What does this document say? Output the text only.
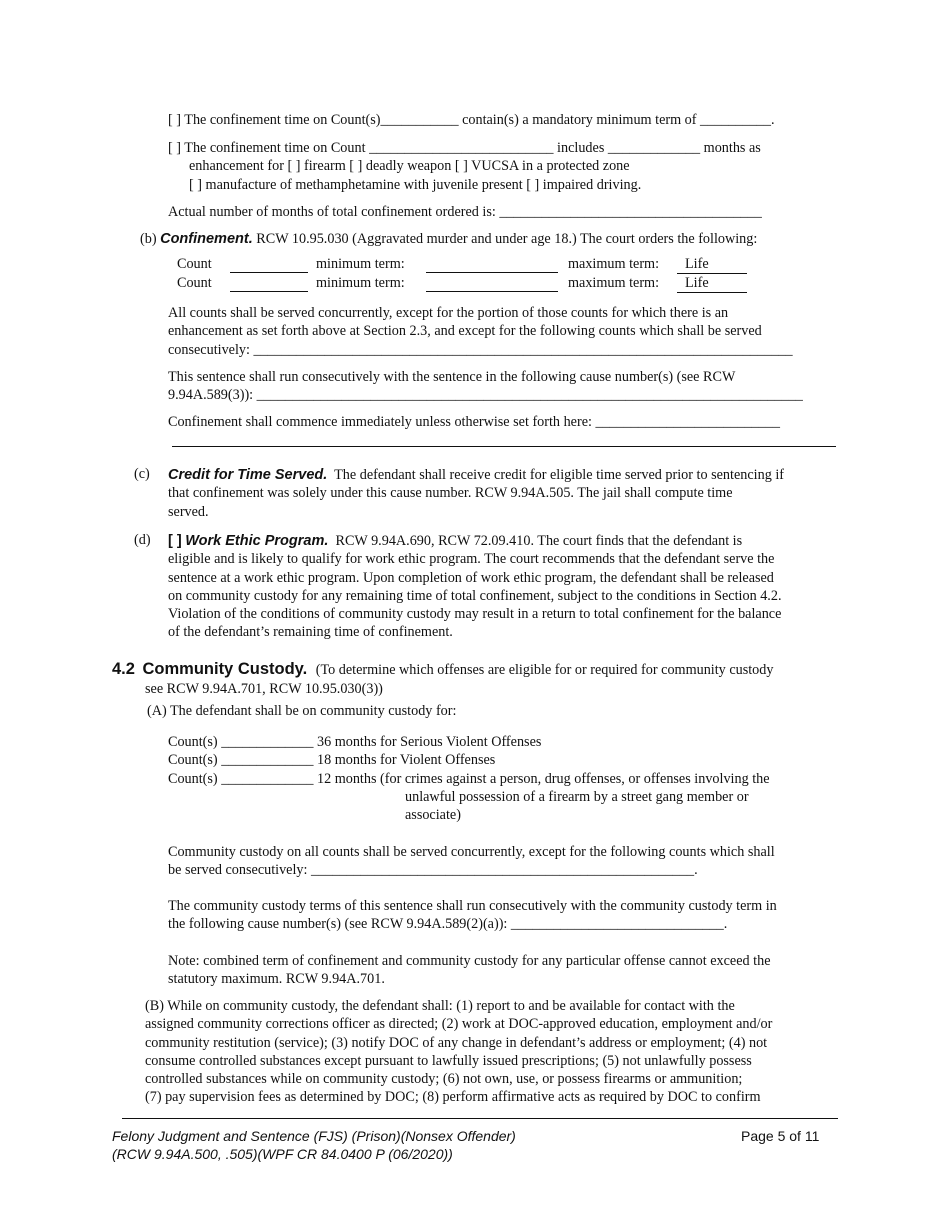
[ ] The confinement time on Count(s)___________ contain(s) a mandatory minimum term of __________.
[ ] The confinement time on Count __________________________ includes _____________ months as
enhancement for [ ] firearm [ ] deadly weapon [ ] VUCSA in a protected zone
[ ] manufacture of methamphetamine with juvenile present [ ] impaired driving.
Actual number of months of total confinement ordered is: _____________________________________
(b) Confinement. RCW 10.95.030 (Aggravated murder and under age 18.) The court orders the following:
Count	minimum term:	maximum term:	Life
Count	minimum term:	maximum term:	Life
All counts shall be served concurrently, except for the portion of those counts for which there is an
enhancement as set forth above at Section 2.3, and except for the following counts which shall be served
consecutively: ____________________________________________________________________________
This sentence shall run consecutively with the sentence in the following cause number(s) (see RCW
9.94A.589(3)): _____________________________________________________________________________
Confinement shall commence immediately unless otherwise set forth here: __________________________
(c) Credit for Time Served. The defendant shall receive credit for eligible time served prior to sentencing if
that confinement was solely under this cause number. RCW 9.94A.505. The jail shall compute time
served.
(d) [ ] Work Ethic Program. RCW 9.94A.690, RCW 72.09.410. The court finds that the defendant is
eligible and is likely to qualify for work ethic program. The court recommends that the defendant serve the
sentence at a work ethic program. Upon completion of work ethic program, the defendant shall be released
on community custody for any remaining time of total confinement, subject to the conditions in Section 4.2.
Violation of the conditions of community custody may result in a return to total confinement for the balance
of the defendant’s remaining time of confinement.
4.2 Community Custody. (To determine which offenses are eligible for or required for community custody
see RCW 9.94A.701, RCW 10.95.030(3))
(A) The defendant shall be on community custody for:
Count(s) _____________ 36 months for Serious Violent Offenses
Count(s) _____________ 18 months for Violent Offenses
Count(s) _____________ 12 months (for crimes against a person, drug offenses, or offenses involving the
unlawful possession of a firearm by a street gang member or
associate)
Community custody on all counts shall be served concurrently, except for the following counts which shall
be served consecutively: ______________________________________________________.
The community custody terms of this sentence shall run consecutively with the community custody term in
the following cause number(s) (see RCW 9.94A.589(2)(a)): ______________________________.
Note: combined term of confinement and community custody for any particular offense cannot exceed the
statutory maximum. RCW 9.94A.701.
(B) While on community custody, the defendant shall: (1) report to and be available for contact with the
assigned community corrections officer as directed; (2) work at DOC-approved education, employment and/or
community restitution (service); (3) notify DOC of any change in defendant’s address or employment; (4) not
consume controlled substances except pursuant to lawfully issued prescriptions; (5) not unlawfully possess
controlled substances while on community custody; (6) not own, use, or possess firearms or ammunition;
(7) pay supervision fees as determined by DOC; (8) perform affirmative acts as required by DOC to confirm
Felony Judgment and Sentence (FJS) (Prison)(Nonsex Offender)
(RCW 9.94A.500, .505)(WPF CR 84.0400 P (06/2020))
Page 5 of 11
